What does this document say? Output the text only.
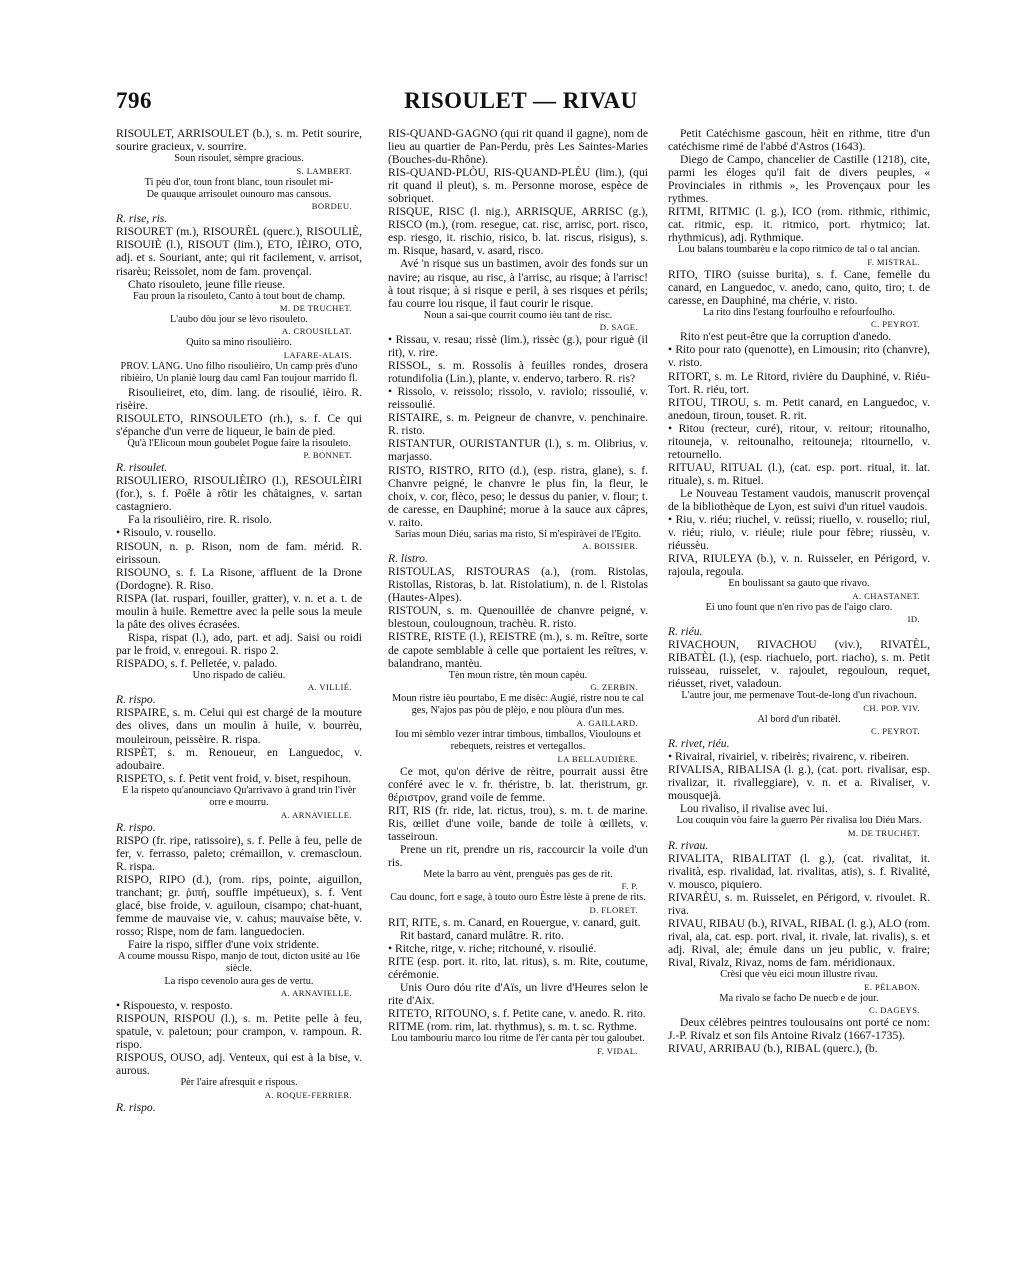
796	RISOULET — RIVAU

RISOULET, ARRISOULET (b.), s. m. Petit sourire, sourire gracieux, v. sourrire.

Soun risoulet, sèmpre gracious.

S. LAMBERT.

Ti pèu d'or, toun front blanc, toun risoulet mi-

De quauque arrisoulet ounouro mas cansous.

BORDEU.

R. rise, ris.

RISOURET (m.), RISOURÈL (querc.), RISOULIÈ, RISOUIÈ (l.), RISOUT (lim.), ETO, IÈIRO, OTO, adj. et s. Souriant, ante; qui rit facilement, v. arrisot, risarèu; Reissolet, nom de fam. provençal.

Chato risouleto, jeune fille rieuse.

Fau proun la risouleto, Canto à tout bout de champ.

M. DE TRUCHET.

L'aubo dòu jour se lèvo risouleto.

A. CROUSILLAT.

Quito sa mino risoulièiro.

LAFARE-ALAIS.

PROV. LANG. Uno filho risoulièiro, Un camp près d'uno ribièiro, Un planiè lourg dau caml Fan toujour marrido fl.

Risoulieiret, eto, dim. lang. de risoulié, ièiro. R. risèire.

RISOULETO, RINSOULETO (rh.), s. f. Ce qui s'épanche d'un verre de liqueur, le bain de pied.

Qu'à l'Elicoun moun goubelet Pogue faire la risouleto.

P. BONNET.

R. risoulet.

RISOULIERO, RISOULIÈIRO (l.), RESOULÈIRI (for.), s. f. Poêle à rôtir les châtaignes, v. sartan castagniero.

Fa la risoulièiro, rire. R. risolo.

• Risoulo, v. rousello.

RISOUN, n. p. Rison, nom de fam. mérid. R. eirissoun.

RISOUNO, s. f. La Risone, affluent de la Drone (Dordogne). R. Riso.

RISPA (lat. ruspari, fouiller, gratter), v. n. et a. t. de moulin à huile. Remettre avec la pelle sous la meule la pâte des olives écrasées.

Rispa, rispat (l.), ado, part. et adj. Saisi ou roidi par le froid, v. enregoui. R. rispo 2.

RISPADO, s. f. Pelletée, v. palado.

Uno rispado de calièu.

A. VILLIÉ.

R. rispo.

RISPAIRE, s. m. Celui qui est chargé de la mouture des olives, dans un moulin à huile, v. bourrèu, mouleiroun, peissèire. R. rispa.

RISPÈT, s. m. Renoueur, en Languedoc, v. adoubaire.

RISPETO, s. f. Petit vent froid, v. biset, respihoun.

E la rispeto qu'anounciavo Qu'arrivavo à grand trin l'ivèr orre e mourru.

A. ARNAVIELLE.

R. rispo.

RISPO (fr. ripe, ratissoire), s. f. Pelle à feu, pelle de fer, v. ferrasso, paleto; crémaillon, v. cremascloun. R. rispa.

RISPO, RIPO (d.), (rom. rips, pointe, aiguillon, tranchant; gr. ῥιπή, souffle impétueux), s. f. Vent glacé, bise froide, v. aguiloun, cisampo; chat-huant, femme de mauvaise vie, v. cahus; mauvaise bête, v. rosso; Rispe, nom de fam. languedocien.

Faire la rispo, siffler d'une voix stridente.

A coume moussu Rispo, manjo de tout, dicton usité au 16e siècle.

La rispo cevenolo aura ges de vertu.

A. ARNAVIELLE.

• Rispouesto, v. resposto.

RISPOUN, RISPOU (l.), s. m. Petite pelle à feu, spatule, v. paletoun; pour crampon, v. rampoun. R. rispo.

RISPOUS, OUSO, adj. Venteux, qui est à la bise, v. aurous.

Pèr l'aire afresquit e rispous.

A. ROQUE-FERRIER.

R. rispo.

RIS-QUAND-GAGNO (qui rit quand il gagne), nom de lieu au quartier de Pan-Perdu, près Les Saintes-Maries (Bouches-du-Rhône).

RIS-QUAND-PLÒU, RIS-QUAND-PLÈU (lim.), (qui rit quand il pleut), s. m. Personne morose, espèce de sobriquet.

RISQUE, RISC (l. nig.), ARRISQUE, ARRISC (g.), RISCO (m.), (rom. resegue, cat. risc, arrisc, port. risco, esp. riesgo, it. rischio, risico, b. lat. riscus, risigus), s. m. Risque, hasard, v. asard, risco.

Avé 'n risque sus un bastimen, avoir des fonds sur un navire; au risque, au risc, à l'arrisc, au risque; à l'arrisc! à tout risque; à si risque e peril, à ses risques et périls; fau courre lou risque, il faut courir le risque.

Noun a sai-que courrit coumo ièu tant de risc.

D. SAGE.

• Rissau, v. resau; rissè (lim.), rissèc (g.), pour riguè (il rit), v. rire.

RISSOL, s. m. Rossolis à feuilles rondes, drosera rotundifolia (Lin.), plante, v. endervo, tarbero. R. ris?

• Rissolo, v. reissolo; rissolo, v. raviolo; rissoulié, v. reissoulié.

RISTAIRE, s. m. Peigneur de chanvre, v. penchinaire. R. risto.

RISTANTUR, OURISTANTUR (l.), s. m. Olibrius, v. marjasso.

RISTO, RISTRO, RITO (d.), (esp. ristra, glane), s. f. Chanvre peigné, le chanvre le plus fin, la fleur, le choix, v. cor, flèco, peso; le dessus du panier, v. flour; t. de caresse, en Dauphiné; morue à la sauce aux câpres, v. raito.

Sarias moun Diéu, sarias ma risto, Si m'espiràvei de l'Egito.

A. BOISSIER.

R. listro.

RISTOULAS, RISTOURAS (a.), (rom. Ristolas, Ristollas, Ristoras, b. lat. Ristolatium), n. de l. Ristolas (Hautes-Alpes).

RISTOUN, s. m. Quenouillée de chanvre peigné, v. blestoun, coulougnoun, trachèu. R. risto.

RISTRE, RISTE (l.), REISTRE (m.), s. m. Reître, sorte de capote semblable à celle que portaient les reîtres, v. balandrano, mantèu.

Tèn moun ristre, tèn moun capèu.

G. ZERBIN.

Moun ristre ièu pourtabo, E me disèc: Augié, ristre nou te cal ges, N'ajos pas pòu de plèjo, e nou plòura d'un mes.

A. GAILLARD.

Iou mi sèmblo vezer intrar timbous, timballos, Vioulouns et rebequets, reistres et vertegallos.

LA BELLAUDIÈRE.

Ce mot, qu'on dérive de rèitre, pourrait aussi être conféré avec le v. fr. théristre, b. lat. theristrum, gr. θέριστρον, grand voile de femme.

RIT, RIS (fr. ride, lat. rictus, trou), s. m. t. de marine. Ris, œillet d'une voile, bande de toile à œillets, v. tasseiroun.

Prene un rit, prendre un ris, raccourcir la voile d'un ris.

Mete la barro au vènt, prenguès pas ges de rit.

F. P.

Cau dounc, fort e sage, à touto ouro Èstre lèste à prene de rits.

D. FLORET.

RIT, RITE, s. m. Canard, en Rouergue, v. canard, guit.

Rit bastard, canard mulâtre. R. rito.

• Ritche, ritge, v. riche; ritchouné, v. risoulié.

RITE (esp. port. it. rito, lat. ritus), s. m. Rite, coutume, cérémonie.

Unis Ouro dóu rite d'Aïs, un livre d'Heures selon le rite d'Aix.

RITETO, RITOUNO, s. f. Petite cane, v. anedo. R. rito.

RITME (rom. rim, lat. rhythmus), s. m. t. sc. Rythme.

Lou tambouriu marco lou ritme de l'èr canta pèr tou galoubet.

F. VIDAL.

Petit Catéchisme gascoun, hèit en rithme, titre d'un catéchisme rimé de l'abbé d'Astros (1643).

Diego de Campo, chancelier de Castille (1218), cite, parmi les éloges qu'il fait de divers peuples, « Provinciales in rithmis », les Provençaux pour les rythmes.

RITMI, RITMIC (l. g.), ICO (rom. rithmic, rithimic, cat. ritmic, esp. it. ritmico, port. rhytmico; lat. rhythmicus), adj. Rythmique.

Lou balans toumbarèu e la copo ritmico de tal o tal ancian.

F. MISTRAL.

RITO, TIRO (suisse burita), s. f. Cane, femelle du canard, en Languedoc, v. anedo, cano, quito, tiro; t. de caresse, en Dauphiné, ma chérie, v. risto.

La rito dins l'estang fourfoulho e refourfoulho.

C. PEYROT.

Rito n'est peut-être que la corruption d'anedo.

• Rito pour rato (quenotte), en Limousin; rito (chanvre), v. risto.

RITORT, s. m. Le Ritord, rivière du Dauphiné, v. Riéu-Tort. R. riéu, tort.

RITOU, TIROU, s. m. Petit canard, en Languedoc, v. anedoun, tiroun, touset. R. rit.

• Ritou (recteur, curé), ritour, v. reitour; ritounalho, ritouneja, v. reitounalho, reitouneja; ritournello, v. retournello.

RITUAU, RITUAL (l.), (cat. esp. port. ritual, it. lat. rituale), s. m. Rituel.

Le Nouveau Testament vaudois, manuscrit provençal de la bibliothèque de Lyon, est suivi d'un rituel vaudois.

• Riu, v. riéu; riuchel, v. reüssi; riuello, v. rousello; riul, v. riéu; riulo, v. riéule; riule pour fèbre; riussèu, v. riéussèu.

RIVA, RIULEYA (b.), v. n. Ruisseler, en Périgord, v. rajoula, regoula.

En boulissant sa gauto que rivavo.

A. CHASTANET.

Ei uno fount que n'en rivo pas de l'aigo claro.

ID.

R. riéu.

RIVACHOUN, RIVACHOU (viv.), RIVATÈL, RIBATÈL (l.), (esp. riachuelo, port. riacho), s. m. Petit ruisseau, ruisselet, v. rajoulet, regouloun, requet, riéusset, rivet, valadoun.

L'autre jour, me permenave Tout-de-long d'un rivachoun.

CH. POP. VIV.

Al bord d'un ribatèl.

C. PEYROT.

R. rivet, riéu.

• Rivairal, rivairiel, v. ribeirès; rivairenc, v. ribeiren.

RIVALISA, RIBALISA (l. g.), (cat. port. rivalisar, esp. rivalizar, it. rivalleggiare), v. n. et a. Rivaliser, v. mousquejà.

Lou rivaliso, il rivalise avec lui.

Lou couquin vòu faire la guerro Pèr rivalisa lou Diéu Mars.

M. DE TRUCHET.

R. rivau.

RIVALITA, RIBALITAT (l. g.), (cat. rivalitat, it. rivalità, esp. rivalidad, lat. rivalitas, atis), s. f. Rivalité, v. mousco, piquiero.

RIVARÈU, s. m. Ruisselet, en Périgord, v. rivoulet. R. riva.

RIVAU, RIBAU (b.), RIVAL, RIBAL (l. g.), ALO (rom. rival, ala, cat. esp. port. rival, it. rivale, lat. rivalis), s. et adj. Rival, ale; émule dans un jeu public, v. fraire; Rival, Rivalz, Rivaz, noms de fam. méridionaux.

Crèsi que vèu eici moun illustre rivau.

E. PÉLABON.

Ma rivalo se facho De nuecb e de jour.

C. DAGEYS.

Deux célèbres peintres toulousains ont porté ce nom: J.-P. Rivalz et son fils Antoine Rivalz (1667-1735).

RIVAU, ARRIBAU (b.), RIBAL (querc.), (b.
